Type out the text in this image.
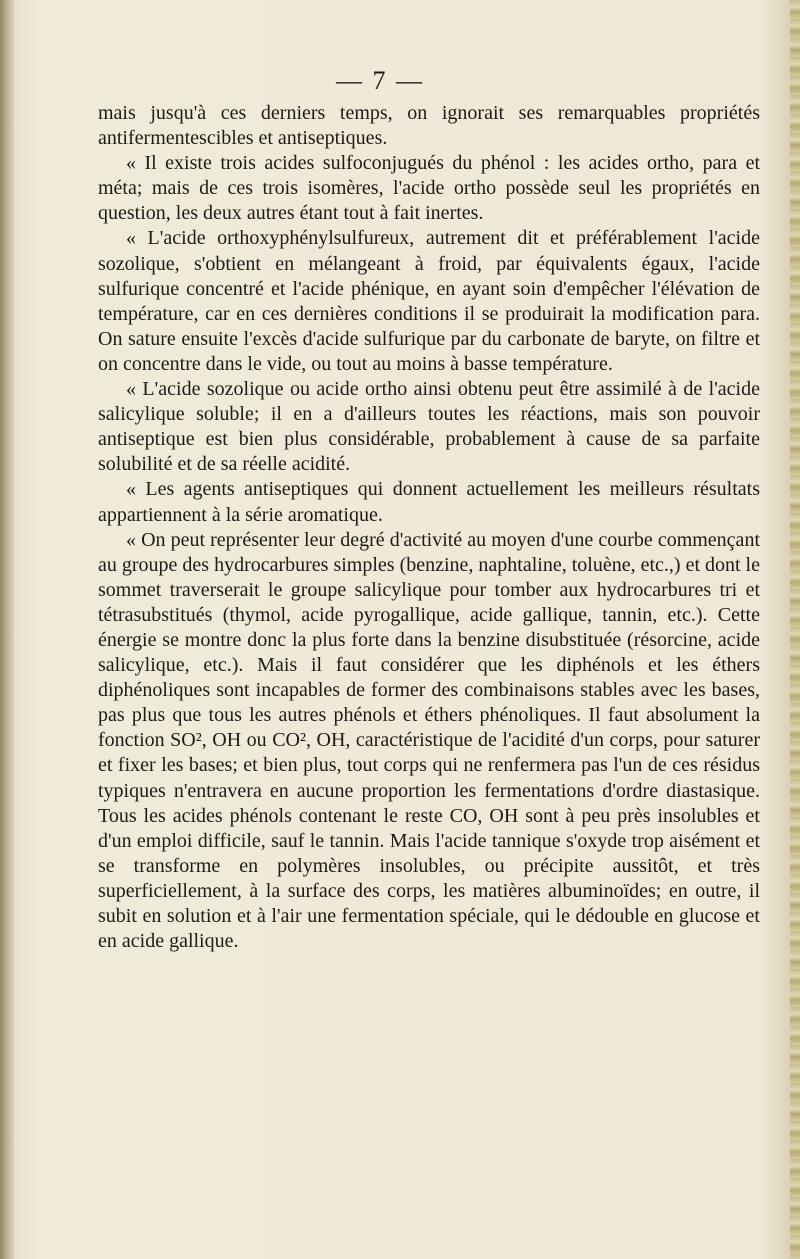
— 7 —

mais jusqu'à ces derniers temps, on ignorait ses remarquables propriétés antifermentescibles et antiseptiques.

« Il existe trois acides sulfoconjugués du phénol : les acides ortho, para et méta; mais de ces trois isomères, l'acide ortho possède seul les propriétés en question, les deux autres étant tout à fait inertes.

« L'acide orthoxyphénylsulfureux, autrement dit et préférablement l'acide sozolique, s'obtient en mélangeant à froid, par équivalents égaux, l'acide sulfurique concentré et l'acide phénique, en ayant soin d'empêcher l'élévation de température, car en ces dernières conditions il se produirait la modification para. On sature ensuite l'excès d'acide sulfurique par du carbonate de baryte, on filtre et on concentre dans le vide, ou tout au moins à basse température.

« L'acide sozolique ou acide ortho ainsi obtenu peut être assimilé à de l'acide salicylique soluble; il en a d'ailleurs toutes les réactions, mais son pouvoir antiseptique est bien plus considérable, probablement à cause de sa parfaite solubilité et de sa réelle acidité.

« Les agents antiseptiques qui donnent actuellement les meilleurs résultats appartiennent à la série aromatique.

« On peut représenter leur degré d'activité au moyen d'une courbe commençant au groupe des hydrocarbures simples (benzine, naphtaline, toluène, etc.,) et dont le sommet traverserait le groupe salicylique pour tomber aux hydrocarbures tri et tétrasubstitués (thymol, acide pyrogallique, acide gallique, tannin, etc.). Cette énergie se montre donc la plus forte dans la benzine disubstituée (résorcine, acide salicylique, etc.). Mais il faut considérer que les diphénols et les éthers diphénoliques sont incapables de former des combinaisons stables avec les bases, pas plus que tous les autres phénols et éthers phénoliques. Il faut absolument la fonction SO², OH ou CO², OH, caractéristique de l'acidité d'un corps, pour saturer et fixer les bases; et bien plus, tout corps qui ne renfermera pas l'un de ces résidus typiques n'entravera en aucune proportion les fermentations d'ordre diastasique. Tous les acides phénols contenant le reste CO, OH sont à peu près insolubles et d'un emploi difficile, sauf le tannin. Mais l'acide tannique s'oxyde trop aisément et se transforme en polymères insolubles, ou précipite aussitôt, et très superficiellement, à la surface des corps, les matières albuminoïdes; en outre, il subit en solution et à l'air une fermentation spéciale, qui le dédouble en glucose et en acide gallique.
